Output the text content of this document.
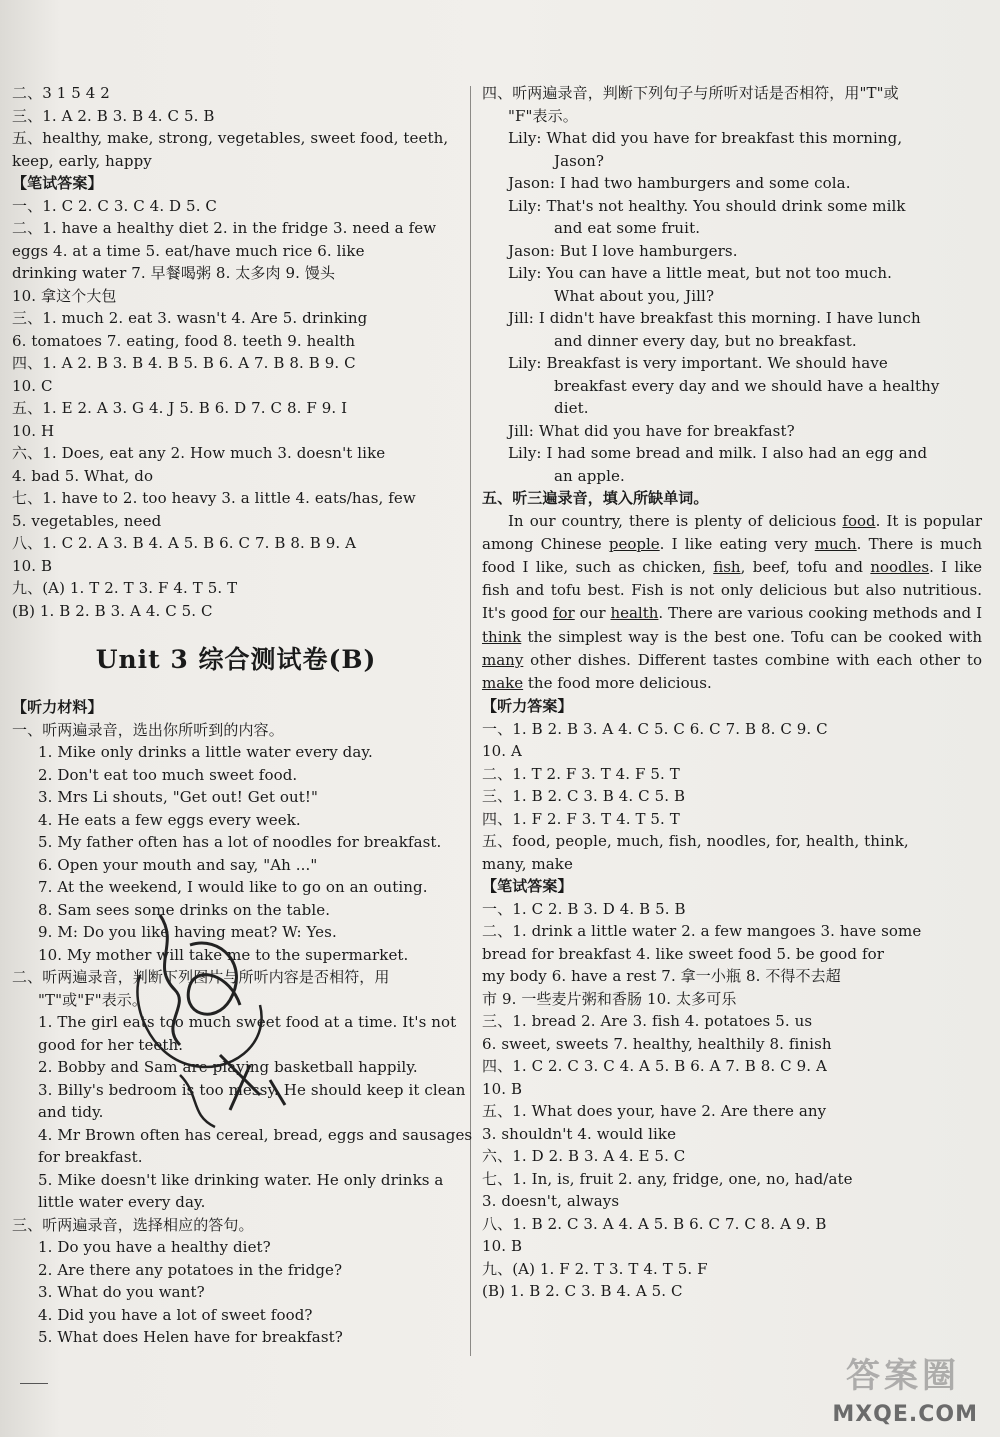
二、3 1 5 4 2
三、1. A 2. B 3. B 4. C 5. B
五、healthy, make, strong, vegetables, sweet food, teeth,
keep, early, happy
【笔试答案】
一、1. C 2. C 3. C 4. D 5. C
二、1. have a healthy diet 2. in the fridge 3. need a few
eggs 4. at a time 5. eat/have much rice 6. like
drinking water 7. 早餐喝粥 8. 太多肉 9. 馒头
10. 拿这个大包
三、1. much 2. eat 3. wasn't 4. Are 5. drinking
6. tomatoes 7. eating, food 8. teeth 9. health
四、1. A 2. B 3. B 4. B 5. B 6. A 7. B 8. B 9. C
10. C
五、1. E 2. A 3. G 4. J 5. B 6. D 7. C 8. F 9. I
10. H
六、1. Does, eat any 2. How much 3. doesn't like
4. bad 5. What, do
七、1. have to 2. too heavy 3. a little 4. eats/has, few
5. vegetables, need
八、1. C 2. A 3. B 4. A 5. B 6. C 7. B 8. B 9. A
10. B
九、(A) 1. T 2. T 3. F 4. T 5. T
(B) 1. B 2. B 3. A 4. C 5. C
Unit 3 综合测试卷(B)
【听力材料】
一、听两遍录音，选出你所听到的内容。
1. Mike only drinks a little water every day.
2. Don't eat too much sweet food.
3. Mrs Li shouts, "Get out! Get out!"
4. He eats a few eggs every week.
5. My father often has a lot of noodles for breakfast.
6. Open your mouth and say, "Ah ..."
7. At the weekend, I would like to go on an outing.
8. Sam sees some drinks on the table.
9. M: Do you like having meat? W: Yes.
10. My mother will take me to the supermarket.
二、听两遍录音，判断下列图片与所听内容是否相符，用
"T"或"F"表示。
1. The girl eats too much sweet food at a time. It's not
good for her teeth.
2. Bobby and Sam are playing basketball happily.
3. Billy's bedroom is too messy. He should keep it clean
and tidy.
4. Mr Brown often has cereal, bread, eggs and sausages
for breakfast.
5. Mike doesn't like drinking water. He only drinks a
little water every day.
三、听两遍录音，选择相应的答句。
1. Do you have a healthy diet?
2. Are there any potatoes in the fridge?
3. What do you want?
4. Did you have a lot of sweet food?
5. What does Helen have for breakfast?
四、听两遍录音，判断下列句子与所听对话是否相符，用"T"或
"F"表示。
Lily: What did you have for breakfast this morning,
Jason?
Jason: I had two hamburgers and some cola.
Lily: That's not healthy. You should drink some milk
and eat some fruit.
Jason: But I love hamburgers.
Lily: You can have a little meat, but not too much.
What about you, Jill?
Jill: I didn't have breakfast this morning. I have lunch
and dinner every day, but no breakfast.
Lily: Breakfast is very important. We should have
breakfast every day and we should have a healthy
diet.
Jill: What did you have for breakfast?
Lily: I had some bread and milk. I also had an egg and
an apple.
五、听三遍录音，填入所缺单词。
In our country, there is plenty of delicious food. It is popular among Chinese people. I like eating very much. There is much food I like, such as chicken, fish, beef, tofu and noodles. I like fish and tofu best. Fish is not only delicious but also nutritious. It's good for our health. There are various cooking methods and I think the simplest way is the best one. Tofu can be cooked with many other dishes. Different tastes combine with each other to make the food more delicious.
【听力答案】
一、1. B 2. B 3. A 4. C 5. C 6. C 7. B 8. C 9. C
10. A
二、1. T 2. F 3. T 4. F 5. T
三、1. B 2. C 3. B 4. C 5. B
四、1. F 2. F 3. T 4. T 5. T
五、food, people, much, fish, noodles, for, health, think,
many, make
【笔试答案】
一、1. C 2. B 3. D 4. B 5. B
二、1. drink a little water 2. a few mangoes 3. have some
bread for breakfast 4. like sweet food 5. be good for
my body 6. have a rest 7. 拿一小瓶 8. 不得不去超
市 9. 一些麦片粥和香肠 10. 太多可乐
三、1. bread 2. Are 3. fish 4. potatoes 5. us
6. sweet, sweets 7. healthy, healthily 8. finish
四、1. C 2. C 3. C 4. A 5. B 6. A 7. B 8. C 9. A
10. B
五、1. What does your, have 2. Are there any
3. shouldn't 4. would like
六、1. D 2. B 3. A 4. E 5. C
七、1. In, is, fruit 2. any, fridge, one, no, had/ate
3. doesn't, always
八、1. B 2. C 3. A 4. A 5. B 6. C 7. C 8. A 9. B
10. B
九、(A) 1. F 2. T 3. T 4. T 5. F
(B) 1. B 2. C 3. B 4. A 5. C
答案圈
MXQE.COM
